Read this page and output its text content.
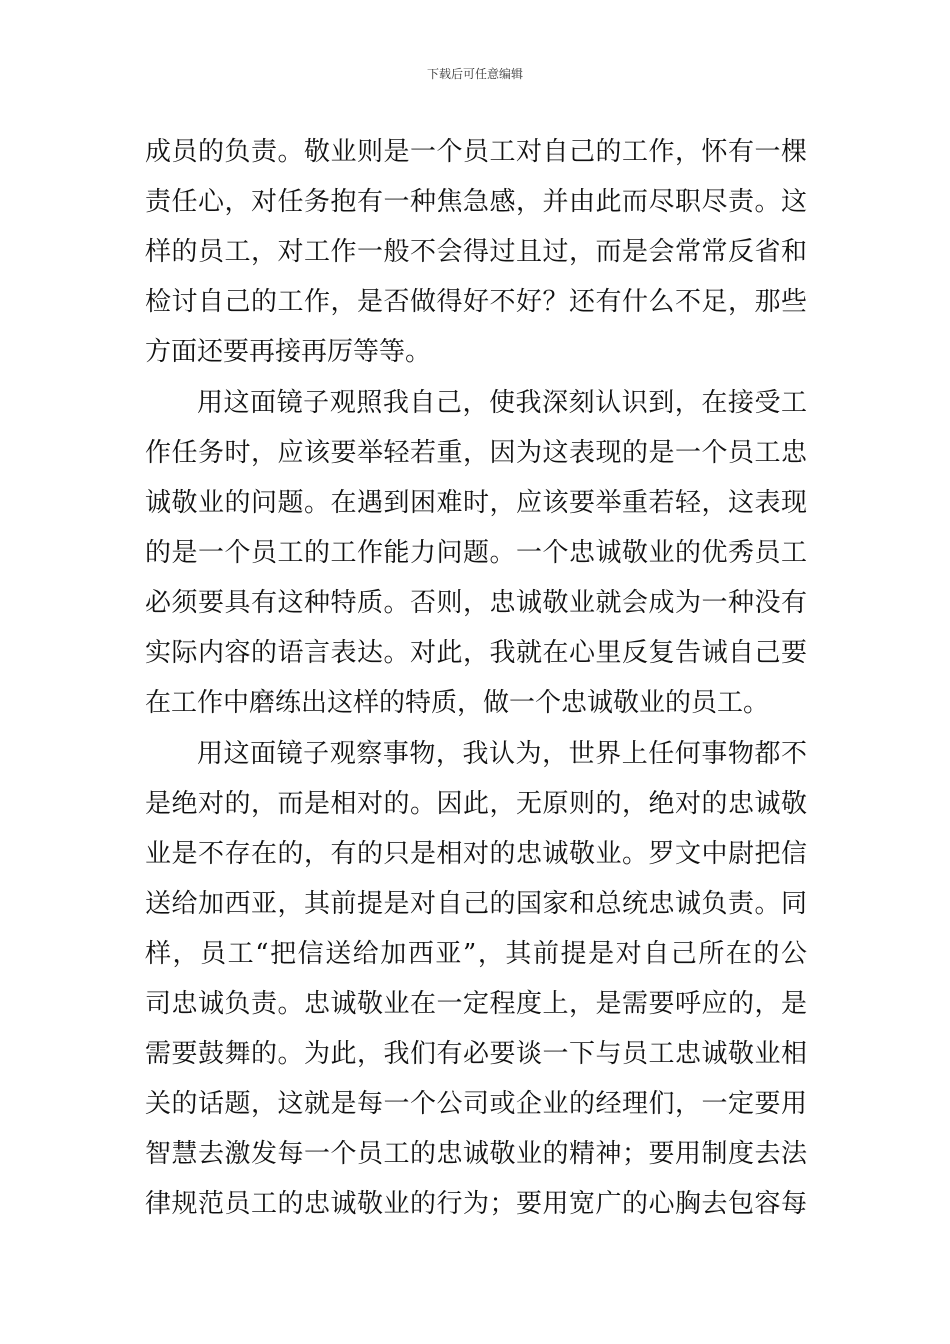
下载后可任意编辑
成员的负责。敬业则是一个员工对自己的工作，怀有一棵
责任心，对任务抱有一种焦急感，并由此而尽职尽责。这
样的员工，对工作一般不会得过且过，而是会常常反省和
检讨自己的工作，是否做得好不好？还有什么不足，那些
方面还要再接再厉等等。
用这面镜子观照我自己，使我深刻认识到，在接受工
作任务时，应该要举轻若重，因为这表现的是一个员工忠
诚敬业的问题。在遇到困难时，应该要举重若轻，这表现
的是一个员工的工作能力问题。一个忠诚敬业的优秀员工
必须要具有这种特质。否则，忠诚敬业就会成为一种没有
实际内容的语言表达。对此，我就在心里反复告诫自己要
在工作中磨练出这样的特质，做一个忠诚敬业的员工。
用这面镜子观察事物，我认为，世界上任何事物都不
是绝对的，而是相对的。因此，无原则的，绝对的忠诚敬
业是不存在的，有的只是相对的忠诚敬业。罗文中尉把信
送给加西亚，其前提是对自己的国家和总统忠诚负责。同
样，员工“把信送给加西亚”，其前提是对自己所在的公
司忠诚负责。忠诚敬业在一定程度上，是需要呼应的，是
需要鼓舞的。为此，我们有必要谈一下与员工忠诚敬业相
关的话题，这就是每一个公司或企业的经理们，一定要用
智慧去激发每一个员工的忠诚敬业的精神；要用制度去法
律规范员工的忠诚敬业的行为；要用宽广的心胸去包容每
